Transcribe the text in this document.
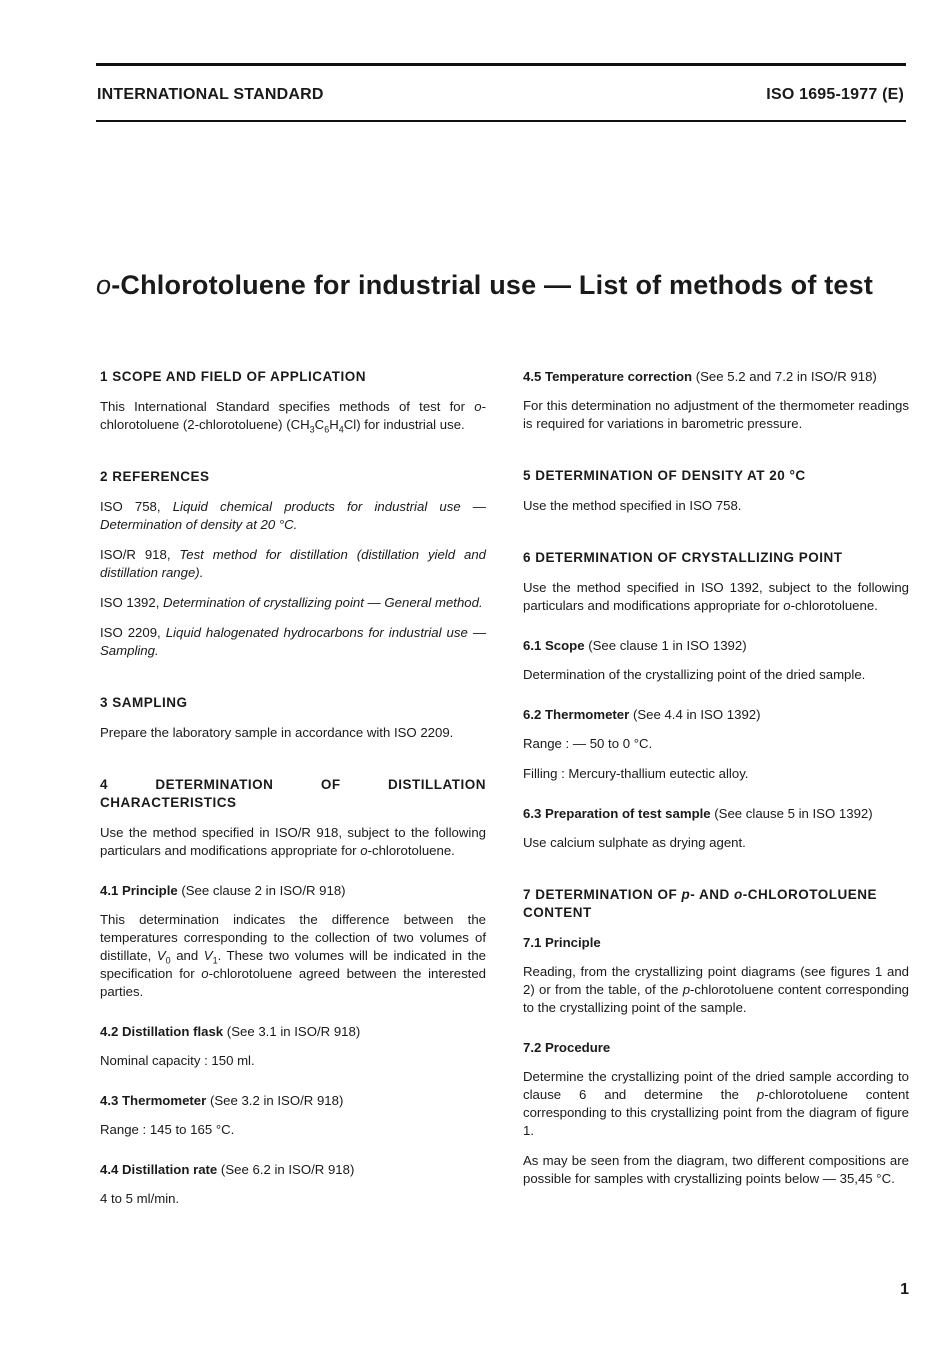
INTERNATIONAL STANDARD	ISO 1695-1977 (E)
o-Chlorotoluene for industrial use — List of methods of test
1 SCOPE AND FIELD OF APPLICATION

This International Standard specifies methods of test for o-chlorotoluene (2-chlorotoluene) $(CH_3C_6H_4Cl)$ for industrial use.

2 REFERENCES

ISO 758, Liquid chemical products for industrial use — Determination of density at 20 °C.

ISO/R 918, Test method for distillation (distillation yield and distillation range).

ISO 1392, Determination of crystallizing point — General method.

ISO 2209, Liquid halogenated hydrocarbons for industrial use — Sampling.

3 SAMPLING

Prepare the laboratory sample in accordance with ISO 2209.

4 DETERMINATION OF DISTILLATION CHARACTERISTICS

Use the method specified in ISO/R 918, subject to the following particulars and modifications appropriate for o-chlorotoluene.

4.1 Principle (See clause 2 in ISO/R 918)

This determination indicates the difference between the temperatures corresponding to the collection of two volumes of distillate, $V_0$ and $V_1$. These two volumes will be indicated in the specification for o-chlorotoluene agreed between the interested parties.

4.2 Distillation flask (See 3.1 in ISO/R 918)

Nominal capacity : 150 ml.

4.3 Thermometer (See 3.2 in ISO/R 918)

Range : 145 to 165 °C.

4.4 Distillation rate (See 6.2 in ISO/R 918)

4 to 5 ml/min.

4.5 Temperature correction (See 5.2 and 7.2 in ISO/R 918)

For this determination no adjustment of the thermometer readings is required for variations in barometric pressure.

5 DETERMINATION OF DENSITY AT 20 °C

Use the method specified in ISO 758.

6 DETERMINATION OF CRYSTALLIZING POINT

Use the method specified in ISO 1392, subject to the following particulars and modifications appropriate for o-chlorotoluene.

6.1 Scope (See clause 1 in ISO 1392)

Determination of the crystallizing point of the dried sample.

6.2 Thermometer (See 4.4 in ISO 1392)

Range : — 50 to 0 °C.

Filling : Mercury-thallium eutectic alloy.

6.3 Preparation of test sample (See clause 5 in ISO 1392)

Use calcium sulphate as drying agent.

7 DETERMINATION OF p- AND o-CHLOROTOLUENE CONTENT
7.1 Principle

Reading, from the crystallizing point diagrams (see figures 1 and 2) or from the table, of the p-chlorotoluene content corresponding to the crystallizing point of the sample.

7.2 Procedure

Determine the crystallizing point of the dried sample according to clause 6 and determine the p-chlorotoluene content corresponding to this crystallizing point from the diagram of figure 1.

As may be seen from the diagram, two different compositions are possible for samples with crystallizing points below — 35,45 °C.

1
